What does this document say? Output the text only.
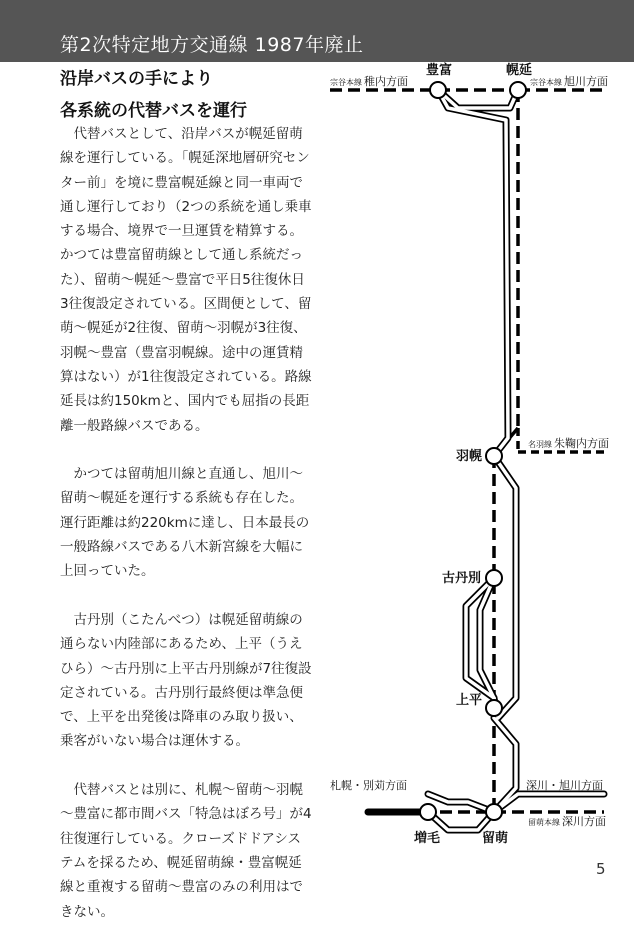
第2次特定地方交通線 1987年廃止
沿岸バスの手により
各系統の代替バスを運行

代替バスとして、沿岸バスが幌延留萌線を運行している。「幌延深地層研究センター前」を境に豊富幌延線と同一車両で通し運行しており（2つの系統を通し乗車する場合、境界で一旦運賃を精算する。かつては豊富留萌線として通し系統だった）、留萌～幌延～豊富で平日5往復休日3往復設定されている。区間便として、留萌～幌延が2往復、留萌～羽幌が3往復、羽幌～豊富（豊富羽幌線。途中の運賃精算はない）が1往復設定されている。路線延長は約150kmと、国内でも屈指の長距離一般路線バスである。

かつては留萌旭川線と直通し、旭川～留萌～幌延を運行する系統も存在した。運行距離は約220kmに達し、日本最長の一般路線バスである八木新宮線を大幅に上回っていた。

古丹別（こたんべつ）は幌延留萌線の通らない内陸部にあるため、上平（うえひら）～古丹別に上平古丹別線が7往復設定されている。古丹別行最終便は準急便で、上平を出発後は降車のみ取り扱い、乗客がいない場合は運休する。

代替バスとは別に、札幌～留萌～羽幌～豊富に都市間バス「特急はぼろ号」が4往復運行している。クローズドドアシステムを採るため、幌延留萌線・豊富幌延線と重複する留萌～豊富のみの利用はできない。

豊富	幌延
羽幌
古丹別
上平
増毛	留萌
宗谷本線 稚内方面	宗谷本線 旭川方面
名羽線 朱鞠内方面
札幌・別苅方面	深川・旭川方面
留萌本線 深川方面
5
